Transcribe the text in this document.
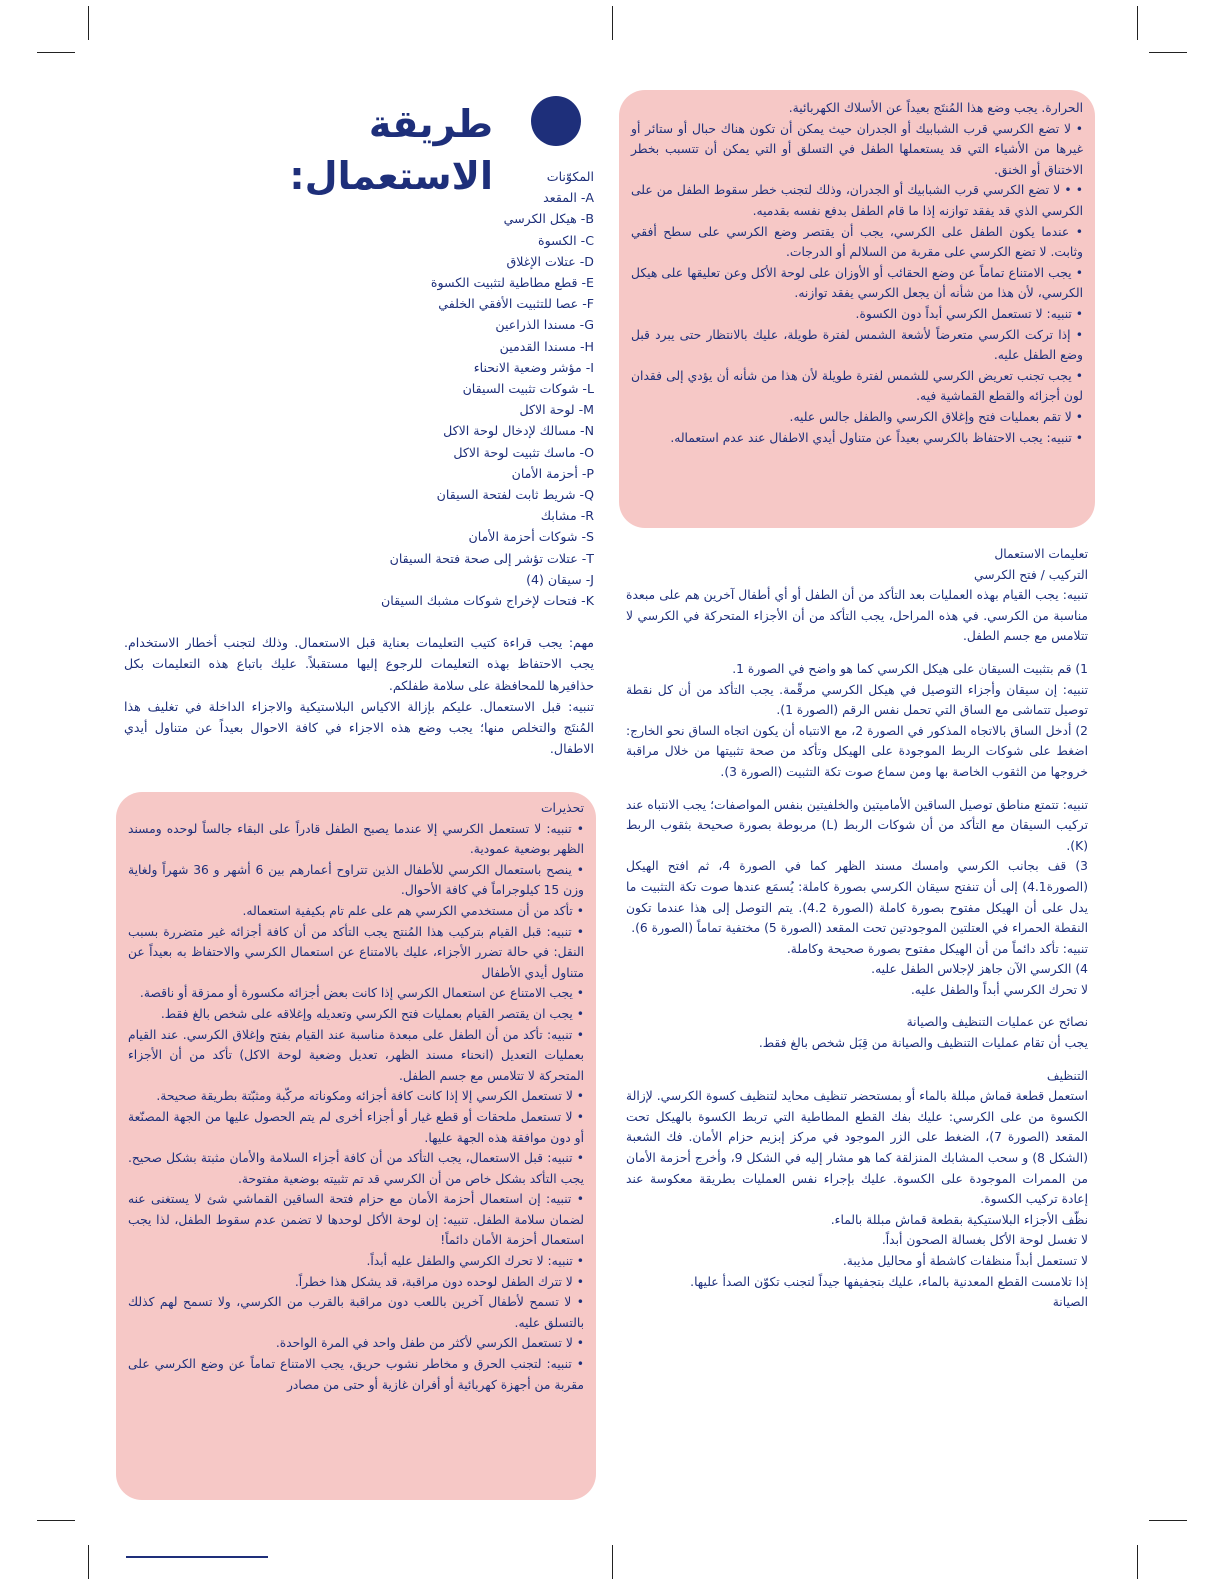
طريقة الاستعمال:	المكوّنات

A- المقعد
B- هيكل الكرسي
C- الكسوة
D- عتلات الإغلاق
E- قطع مطاطية لتثبيت الكسوة
F- عصا للتثبيت الأفقي الخلفي
G- مسندا الذراعين
H- مسندا القدمين
I- مؤشر وضعية الانحناء
L- شوكات تثبيت السيقان
M- لوحة الاكل
N- مسالك لإدخال لوحة الاكل
O- ماسك تثبيت لوحة الاكل
P- أحزمة الأمان
Q- شريط ثابت لفتحة السيقان
R- مشابك
S- شوكات أحزمة الأمان
T- عتلات تؤشر إلى صحة فتحة السيقان
J- سيقان (4)
K- فتحات لإخراج شوكات مشبك السيقان

مهم: يجب قراءة كتيب التعليمات بعناية قبل الاستعمال. وذلك لتجنب أخطار الاستخدام. يجب الاحتفاظ بهذه التعليمات للرجوع إليها مستقبلاً. عليك باتباع هذه التعليمات بكل حذافيرها للمحافظة على سلامة طفلكم.

تنبيه: قبل الاستعمال. عليكم بإزالة الاكياس البلاستيكية والاجزاء الداخلة في تغليف هذا المُنتَج والتخلص منها؛ يجب وضع هذه الاجزاء في كافة الاحوال بعيداً عن متناول أيدي الاطفال.

تحذيرات

• تنبيه: لا تستعمل الكرسي إلا عندما يصبح الطفل قادراً على البقاء جالساً لوحده ومسند الظهر بوضعية عمودية.

• ينصح باستعمال الكرسي للأطفال الذين تتراوح أعمارهم بين 6 أشهر و 36 شهراً ولغاية وزن 15 كيلوجراماً في كافة الأحوال.

• تأكد من أن مستخدمي الكرسي هم على علم تام بكيفية استعماله.

• تنبيه: قبل القيام بتركيب هذا المُنتج يجب التأكد من أن كافة أجزائه غير متضررة بسبب النقل: في حالة تضرر الأجزاء، عليك بالامتناع عن استعمال الكرسي والاحتفاظ به بعيداً عن متناول أيدي الأطفال

• يجب الامتناع عن استعمال الكرسي إذا كانت بعض أجزائه مكسورة أو ممزقة أو ناقصة.

• يجب ان يقتصر القيام بعمليات فتح الكرسي وتعديله وإغلاقه على شخص بالغ فقط.

• تنبيه: تأكد من أن الطفل على مبعدة مناسبة عند القيام بفتح وإغلاق الكرسي. عند القيام بعمليات التعديل (انحناء مسند الظهر، تعديل وضعية لوحة الاكل) تأكد من أن الأجزاء المتحركة لا تتلامس مع جسم الطفل.

• لا تستعمل الكرسي إلا إذا كانت كافة أجزائه ومكوناته مركّبة ومثبّتة بطريقة صحيحة.

• لا تستعمل ملحقات أو قطع غيار أو أجزاء أخرى لم يتم الحصول عليها من الجهة المصنّعة أو دون موافقة هذه الجهة عليها.

• تنبيه: قبل الاستعمال، يجب التأكد من أن كافة أجزاء السلامة والأمان مثبتة بشكل صحيح. يجب التأكد بشكل خاص من أن الكرسي قد تم تثبيته بوضعية مفتوحة.

• تنبيه: إن استعمال أحزمة الأمان مع حزام فتحة الساقين القماشي شئ لا يستغنى عنه لضمان سلامة الطفل. تنبيه: إن لوحة الأكل لوحدها لا تضمن عدم سقوط الطفل، لذا يجب استعمال أحزمة الأمان دائماً!

• تنبيه: لا تحرك الكرسي والطفل عليه أبداً.

• لا تترك الطفل لوحده دون مراقبة، قد يشكل هذا خطراً.

• لا تسمح لأطفال آخرين باللعب دون مراقبة بالقرب من الكرسي، ولا تسمح لهم كذلك بالتسلق عليه.

• لا تستعمل الكرسي لأكثر من طفل واحد في المرة الواحدة.

• تنبيه: لتجنب الحرق و مخاطر نشوب حريق، يجب الامتناع تماماً عن وضع الكرسي على مقربة من أجهزة كهربائية أو أفران غازية أو حتى من مصادر

الحرارة. يجب وضع هذا المُنتَج بعيداً عن الأسلاك الكهربائية.

• لا تضع الكرسي قرب الشبابيك أو الجدران حيث يمكن أن تكون هناك حبال أو ستائر أو غيرها من الأشياء التي قد يستعملها الطفل في التسلق أو التي يمكن أن تتسبب بخطر الاختناق أو الخنق.

• • لا تضع الكرسي قرب الشبابيك أو الجدران، وذلك لتجنب خطر سقوط الطفل من على الكرسي الذي قد يفقد توازنه إذا ما قام الطفل بدفع نفسه بقدميه.

• عندما يكون الطفل على الكرسي، يجب أن يقتصر وضع الكرسي على سطح أفقي وثابت. لا تضع الكرسي على مقربة من السلالم أو الدرجات.

• يجب الامتناع تماماً عن وضع الحقائب أو الأوزان على لوحة الأكل وعن تعليقها على هيكل الكرسي، لأن هذا من شأنه أن يجعل الكرسي يفقد توازنه.

• تنبيه: لا تستعمل الكرسي أبداً دون الكسوة.

• إذا تركت الكرسي متعرضاً لأشعة الشمس لفترة طويلة، عليك بالانتظار حتى يبرد قبل وضع الطفل عليه.

• يجب تجنب تعريض الكرسي للشمس لفترة طويلة لأن هذا من شأنه أن يؤدي إلى فقدان لون أجزائه والقطع القماشية فيه.

• لا تقم بعمليات فتح وإغلاق الكرسي والطفل جالس عليه.

• تنبيه: يجب الاحتفاظ بالكرسي بعيداً عن متناول أيدي الاطفال عند عدم استعماله.

تعليمات الاستعمال

التركيب / فتح الكرسي

تنبيه: يجب القيام بهذه العمليات بعد التأكد من أن الطفل أو أي أطفال آخرين هم على مبعدة مناسبة من الكرسي. في هذه المراحل، يجب التأكد من أن الأجزاء المتحركة في الكرسي لا تتلامس مع جسم الطفل.

1) قم بتثبيت السيقان على هيكل الكرسي كما هو واضح في الصورة 1.

تنبيه: إن سيقان وأجزاء التوصيل في هيكل الكرسي مرقّمة. يجب التأكد من أن كل نقطة توصيل تتماشى مع الساق التي تحمل نفس الرقم (الصورة 1).

2) أدخل الساق بالاتجاه المذكور في الصورة 2، مع الانتباه أن يكون اتجاه الساق نحو الخارج: اضغط على شوكات الربط الموجودة على الهيكل وتأكد من صحة تثبيتها من خلال مراقبة خروجها من الثقوب الخاصة بها ومن سماع صوت تكة التثبيت (الصورة 3).

تنبيه: تتمتع مناطق توصيل الساقين الأماميتين والخلفيتين بنفس المواصفات؛ يجب الانتباه عند تركيب السيقان مع التأكد من أن شوكات الربط (L) مربوطة بصورة صحيحة بثقوب الربط (K).

3) قف بجانب الكرسي وامسك مسند الظهر كما في الصورة 4، ثم افتح الهيكل (الصورة4.1) إلى أن تنفتح سيقان الكرسي بصورة كاملة: يُسمَع عندها صوت تكة التثبيت ما يدل على أن الهيكل مفتوح بصورة كاملة (الصورة 4.2). يتم التوصل إلى هذا عندما تكون النقطة الحمراء في العتلتين الموجودتين تحت المقعد (الصورة 5) مختفية تماماً (الصورة 6).

تنبيه: تأكد دائماً من أن الهيكل مفتوح بصورة صحيحة وكاملة.

4) الكرسي الآن جاهز لإجلاس الطفل عليه.

لا تحرك الكرسي أبداً والطفل عليه.

نصائح عن عمليات التنظيف والصيانة

يجب أن تقام عمليات التنظيف والصيانة من قِبَل شخص بالغ فقط.

التنظيف

استعمل قطعة قماش مبللة بالماء أو بمستحضر تنظيف محايد لتنظيف كسوة الكرسي. لإزالة الكسوة من على الكرسي: عليك بفك القطع المطاطية التي تربط الكسوة بالهيكل تحت المقعد (الصورة 7)، الضغط على الزر الموجود في مركز إبزيم حزام الأمان. فك الشعبة (الشكل 8) و سحب المشابك المنزلقة كما هو مشار إليه في الشكل 9، وأخرج أحزمة الأمان من الممرات الموجودة على الكسوة. عليك بإجراء نفس العمليات بطريقة معكوسة عند إعادة تركيب الكسوة.

نظّف الأجزاء البلاستيكية بقطعة قماش مبللة بالماء.

لا تغسل لوحة الأكل بغسالة الصحون أبداً.

لا تستعمل أبداً منظفات كاشطة أو محاليل مذيبة.

إذا تلامست القطع المعدنية بالماء، عليك بتجفيفها جيداً لتجنب تكوّن الصدأ عليها.

الصيانة
